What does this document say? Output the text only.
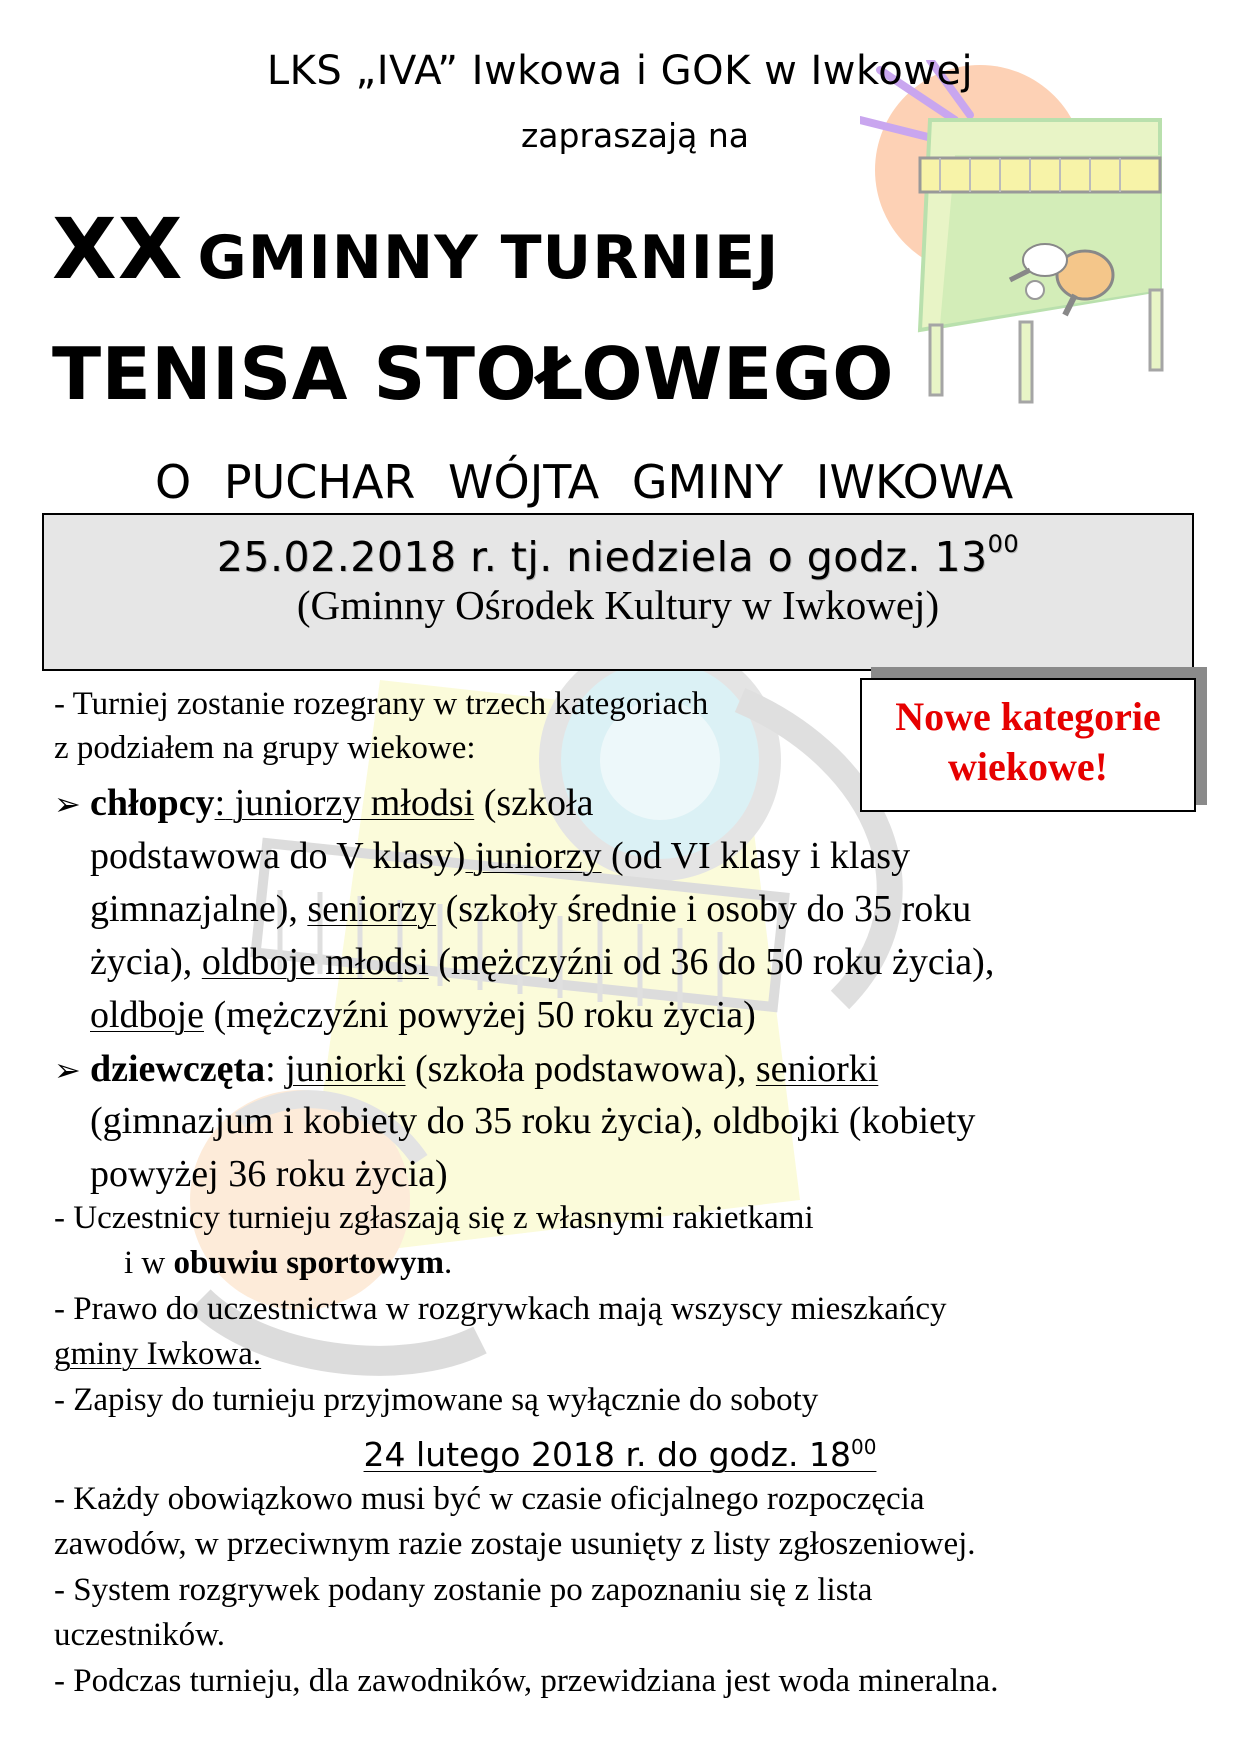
LKS „IVA” Iwkowa i GOK w Iwkowej
zapraszają na
XX GMINNY TURNIEJ
TENISA STOŁOWEGO
O PUCHAR WÓJTA GMINY IWKOWA
25.02.2018 r. tj. niedziela o godz. $13^{00}$
(Gminny Ośrodek Kultury w Iwkowej)
Nowe kategorie
wiekowe!
- Turniej zostanie rozegrany w trzech kategoriach
z podziałem na grupy wiekowe:
➢ chłopcy: juniorzy młodsi (szkoła
podstawowa do V klasy) juniorzy (od VI klasy i klasy
gimnazjalne), seniorzy (szkoły średnie i osoby do 35 roku
życia), oldboje młodsi (mężczyźni od 36 do 50 roku życia),
oldboje (mężczyźni powyżej 50 roku życia)
➢ dziewczęta: juniorki (szkoła podstawowa), seniorki
(gimnazjum i kobiety do 35 roku życia), oldbojki (kobiety
powyżej 36 roku życia)
- Uczestnicy turnieju zgłaszają się z własnymi rakietkami
i w obuwiu sportowym.
- Prawo do uczestnictwa w rozgrywkach mają wszyscy mieszkańcy
gminy Iwkowa.
- Zapisy do turnieju przyjmowane są wyłącznie do soboty
24 lutego 2018 r. do godz. $18^{00}$
- Każdy obowiązkowo musi być w czasie oficjalnego rozpoczęcia
zawodów, w przeciwnym razie zostaje usunięty z listy zgłoszeniowej.
- System rozgrywek podany zostanie po zapoznaniu się z lista
uczestników.
- Podczas turnieju, dla zawodników, przewidziana jest woda mineralna.
